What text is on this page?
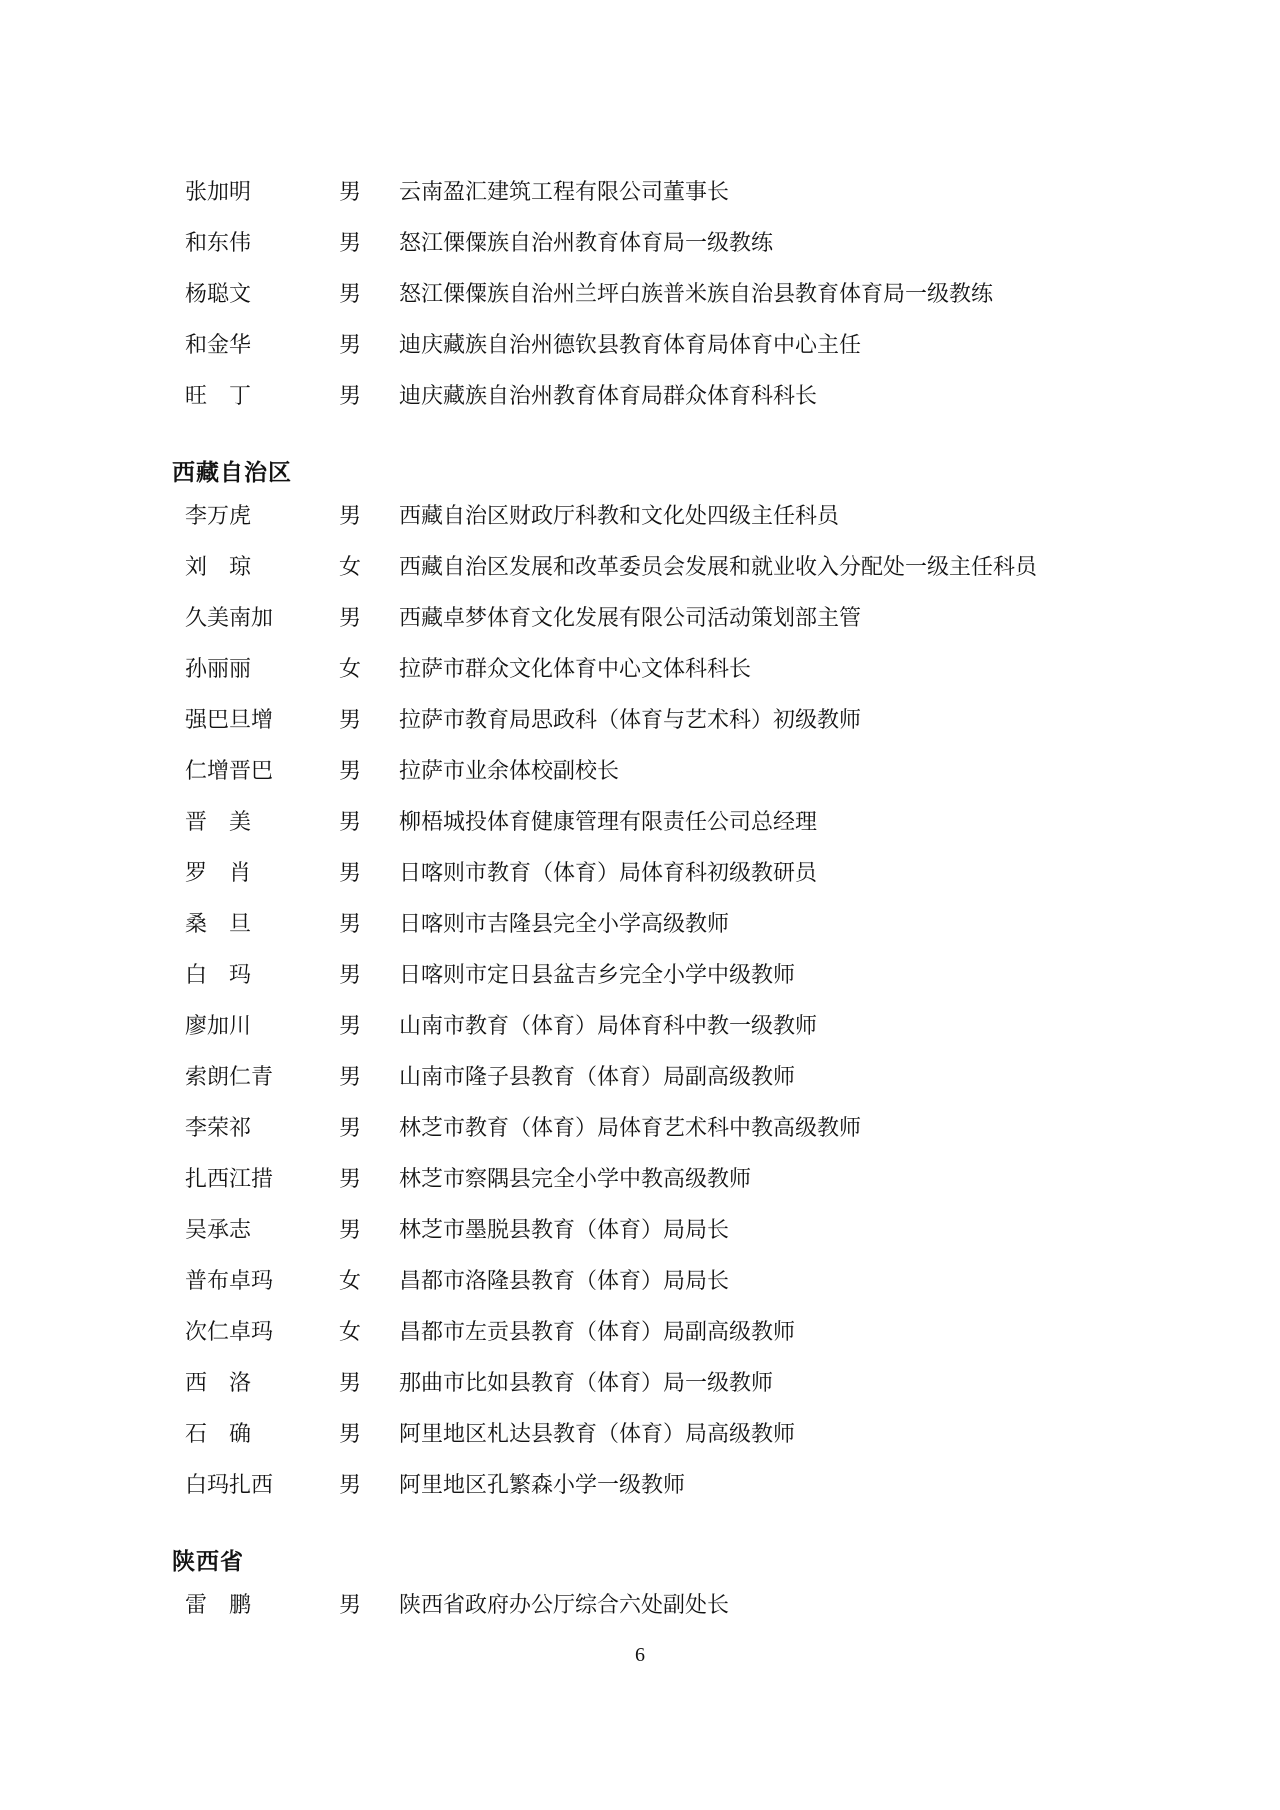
张加明	男	云南盈汇建筑工程有限公司董事长
和东伟	男	怒江傈僳族自治州教育体育局一级教练
杨聪文	男	怒江傈僳族自治州兰坪白族普米族自治县教育体育局一级教练
和金华	男	迪庆藏族自治州德钦县教育体育局体育中心主任
旺　丁	男	迪庆藏族自治州教育体育局群众体育科科长
西藏自治区
李万虎	男	西藏自治区财政厅科教和文化处四级主任科员
刘　琼	女	西藏自治区发展和改革委员会发展和就业收入分配处一级主任科员
久美南加	男	西藏卓梦体育文化发展有限公司活动策划部主管
孙丽丽	女	拉萨市群众文化体育中心文体科科长
强巴旦增	男	拉萨市教育局思政科（体育与艺术科）初级教师
仁增晋巴	男	拉萨市业余体校副校长
晋　美	男	柳梧城投体育健康管理有限责任公司总经理
罗　肖	男	日喀则市教育（体育）局体育科初级教研员
桑　旦	男	日喀则市吉隆县完全小学高级教师
白　玛	男	日喀则市定日县盆吉乡完全小学中级教师
廖加川	男	山南市教育（体育）局体育科中教一级教师
索朗仁青	男	山南市隆子县教育（体育）局副高级教师
李荣祁	男	林芝市教育（体育）局体育艺术科中教高级教师
扎西江措	男	林芝市察隅县完全小学中教高级教师
吴承志	男	林芝市墨脱县教育（体育）局局长
普布卓玛	女	昌都市洛隆县教育（体育）局局长
次仁卓玛	女	昌都市左贡县教育（体育）局副高级教师
西　洛	男	那曲市比如县教育（体育）局一级教师
石　确	男	阿里地区札达县教育（体育）局高级教师
白玛扎西	男	阿里地区孔繁森小学一级教师
陕西省
雷　鹏	男	陕西省政府办公厅综合六处副处长
6
